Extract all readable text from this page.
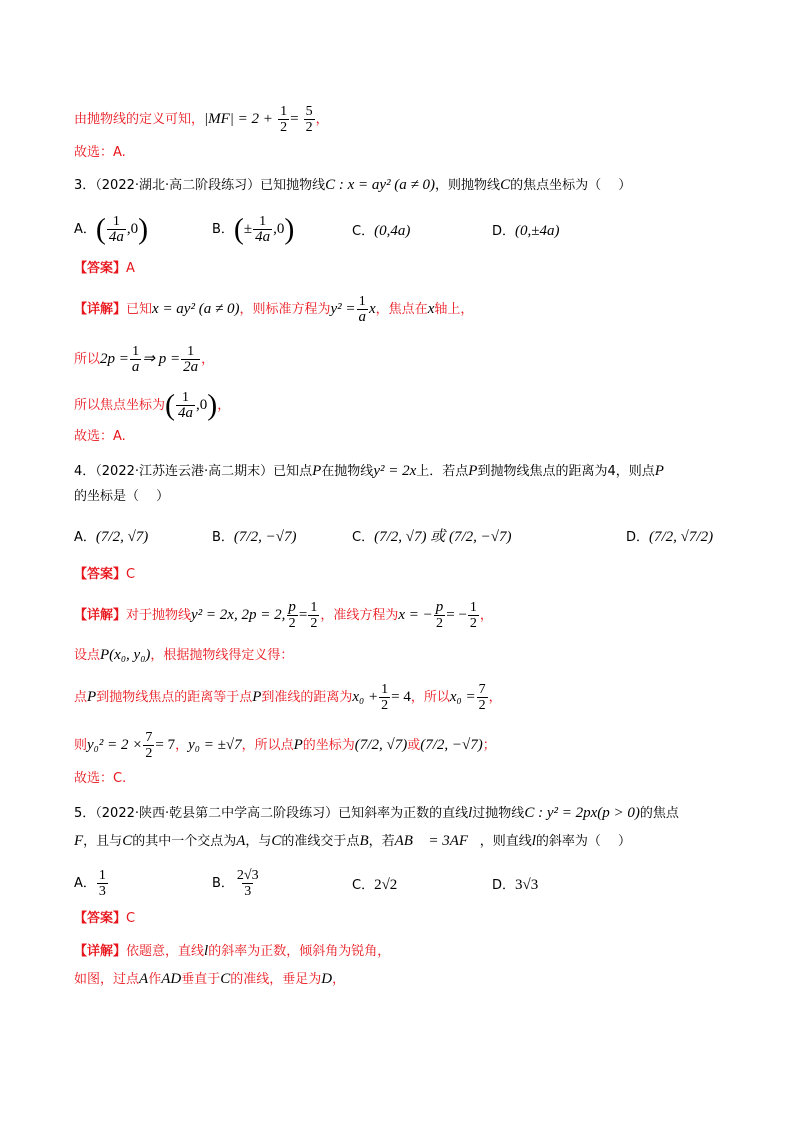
由抛物线的定义可知，$|MF| = 2 + \frac{1}{2} = \frac{5}{2}$ ，
故选：A.
3．（2022·湖北·高二阶段练习）已知抛物线C : x = ay² (a ≠ 0)，则抛物线C的焦点坐标为（　 ）
A．( $\frac{1}{4a} ,0$)	B．(± $\frac{1}{4a} ,0$)	C．(0,4a)	D．(0,±4a)
【答案】A
【详解】已知x = ay² (a ≠ 0)，则标准方程为$y^2 = \frac{1}{a}$ x，焦点在x轴上，
所以$2p = \frac{1}{a}$ ⇒ $p = \frac{1}{2a}$ ，
所以焦点坐标为( $\frac{1}{4a} ,0$)，
故选：A.
4．（2022·江苏连云港·高二期末）已知点P在抛物线y² = 2x上．若点P到抛物线焦点的距离为4，则点P
的坐标是（　 ）
A．(7/2, √7)	B．(7/2, −√7)	C．(7/2, √7) 或 (7/2, −√7)	D．(7/2, √7/2)
【答案】C
【详解】对于抛物线y² = 2x, 2p = 2, $\frac{p}{2} = \frac{1}{2}$ ，准线方程为x = − $\frac{p}{2}$ = − $\frac{1}{2}$ ，
设点P(x₀, y₀)，根据抛物线得定义得：
点P到抛物线焦点的距离等于点P到准线的距离为$x_0 + \frac{1}{2} = 4$，所以$x_0 = \frac{7}{2}$ ，
则$y_0^2 = 2 \times \frac{7}{2} = 7$，y₀ = ±√7，所以点P的坐标为(7/2, √7)或(7/2, −√7)；
故选：C.
5．（2022·陕西·乾县第二中学高二阶段练习）已知斜率为正数的直线l过抛物线C : y² = 2px(p > 0)的焦点
F，且与C的其中一个交点为A，与C的准线交于点B，若AB⃗ = 3AF⃗，则直线l的斜率为（　 ）
A． $\frac{1}{3}$	B． $\frac{2√3}{3}$	C．2√2	D．3√3
【答案】C
【详解】依题意，直线l的斜率为正数，倾斜角为锐角，
如图，过点A作AD垂直于C的准线，垂足为D，
